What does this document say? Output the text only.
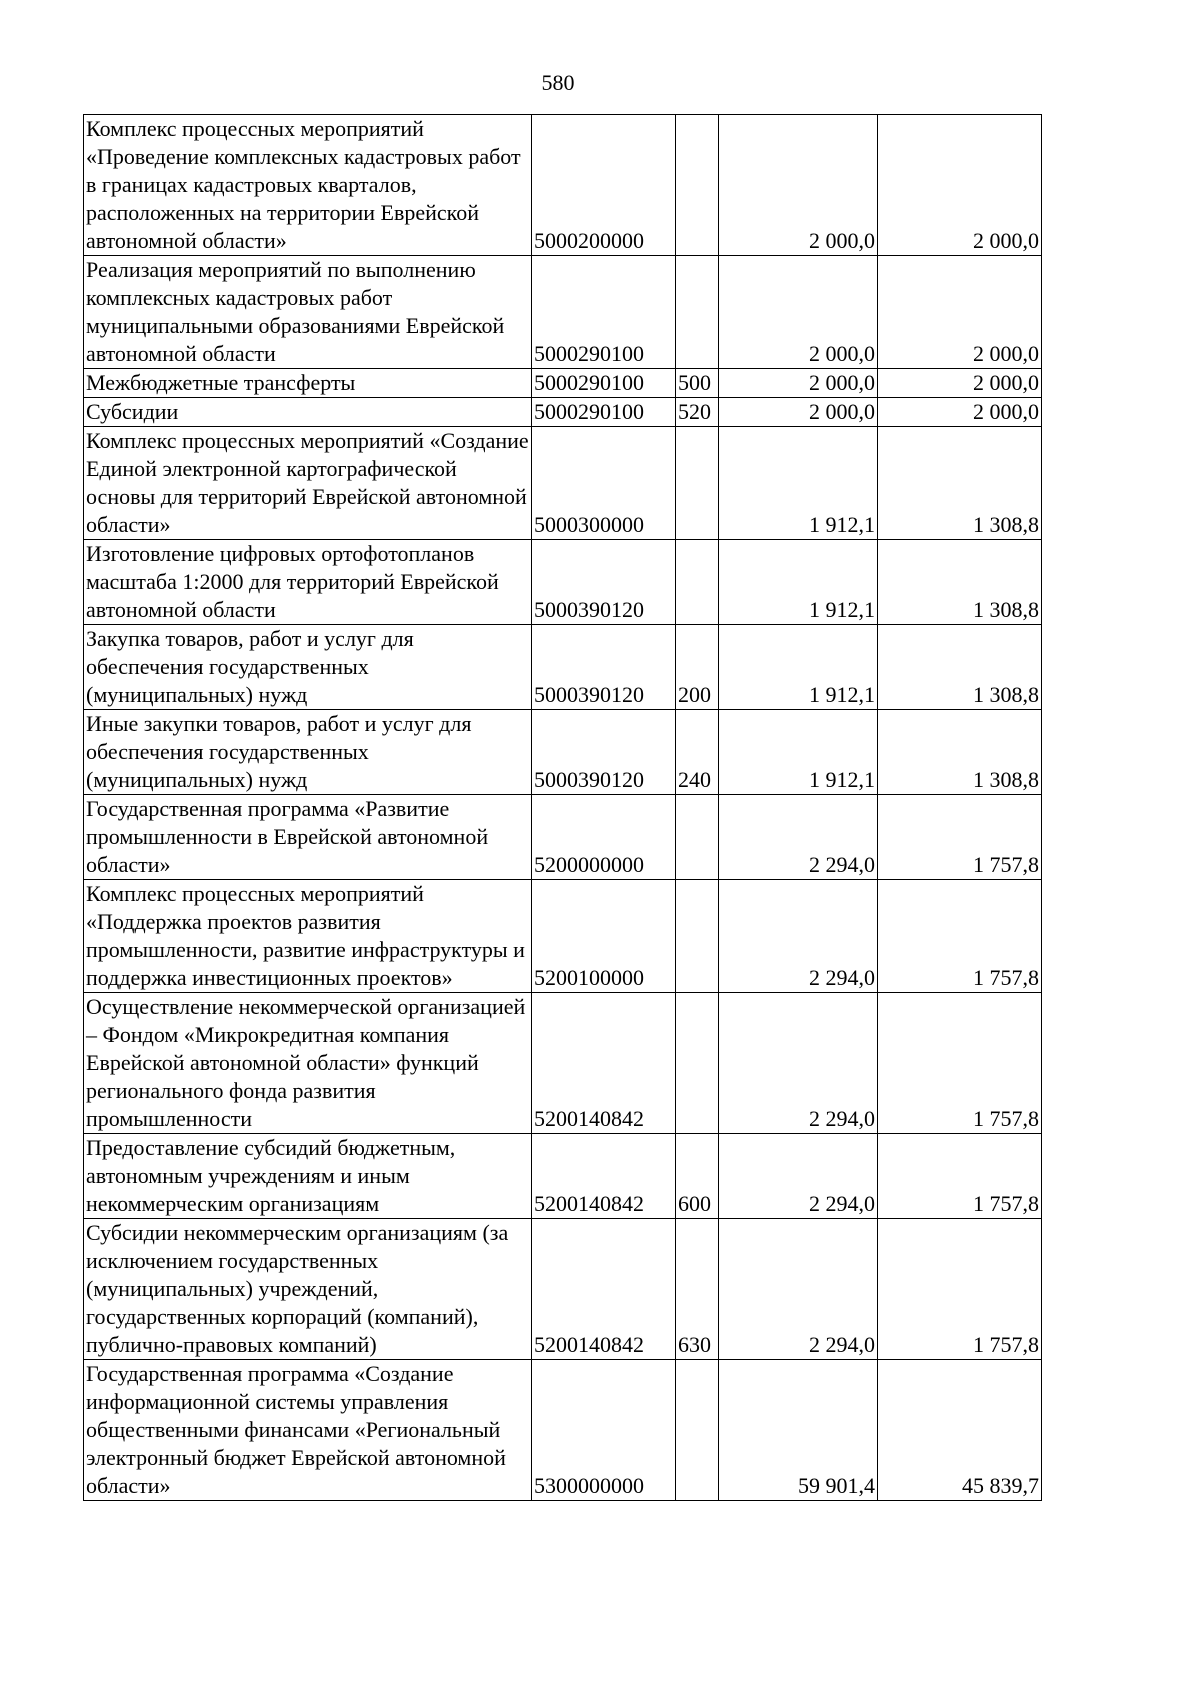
580
Комплекс процессных мероприятий «Проведение комплексных кадастровых работ в границах кадастровых кварталов, расположенных на территории Еврейской автономной области»	5000200000		2 000,0	2 000,0
Реализация мероприятий по выполнению комплексных кадастровых работ муниципальными образованиями Еврейской автономной области	5000290100		2 000,0	2 000,0
Межбюджетные трансферты	5000290100	500	2 000,0	2 000,0
Субсидии	5000290100	520	2 000,0	2 000,0
Комплекс процессных мероприятий «Создание Единой электронной картографической основы для территорий Еврейской автономной области»	5000300000		1 912,1	1 308,8
Изготовление цифровых ортофотопланов масштаба 1:2000 для территорий Еврейской автономной области	5000390120		1 912,1	1 308,8
Закупка товаров, работ и услуг для обеспечения государственных (муниципальных) нужд	5000390120	200	1 912,1	1 308,8
Иные закупки товаров, работ и услуг для обеспечения государственных (муниципальных) нужд	5000390120	240	1 912,1	1 308,8
Государственная программа «Развитие промышленности в Еврейской автономной области»	5200000000		2 294,0	1 757,8
Комплекс процессных мероприятий «Поддержка проектов развития промышленности, развитие инфраструктуры и поддержка инвестиционных проектов»	5200100000		2 294,0	1 757,8
Осуществление некоммерческой организацией – Фондом «Микрокредитная компания Еврейской автономной области» функций регионального фонда развития промышленности	5200140842		2 294,0	1 757,8
Предоставление субсидий бюджетным, автономным учреждениям и иным некоммерческим организациям	5200140842	600	2 294,0	1 757,8
Субсидии некоммерческим организациям (за исключением государственных (муниципальных) учреждений, государственных корпораций (компаний), публично-правовых компаний)	5200140842	630	2 294,0	1 757,8
Государственная программа «Создание информационной системы управления общественными финансами «Региональный электронный бюджет Еврейской автономной области»	5300000000		59 901,4	45 839,7
